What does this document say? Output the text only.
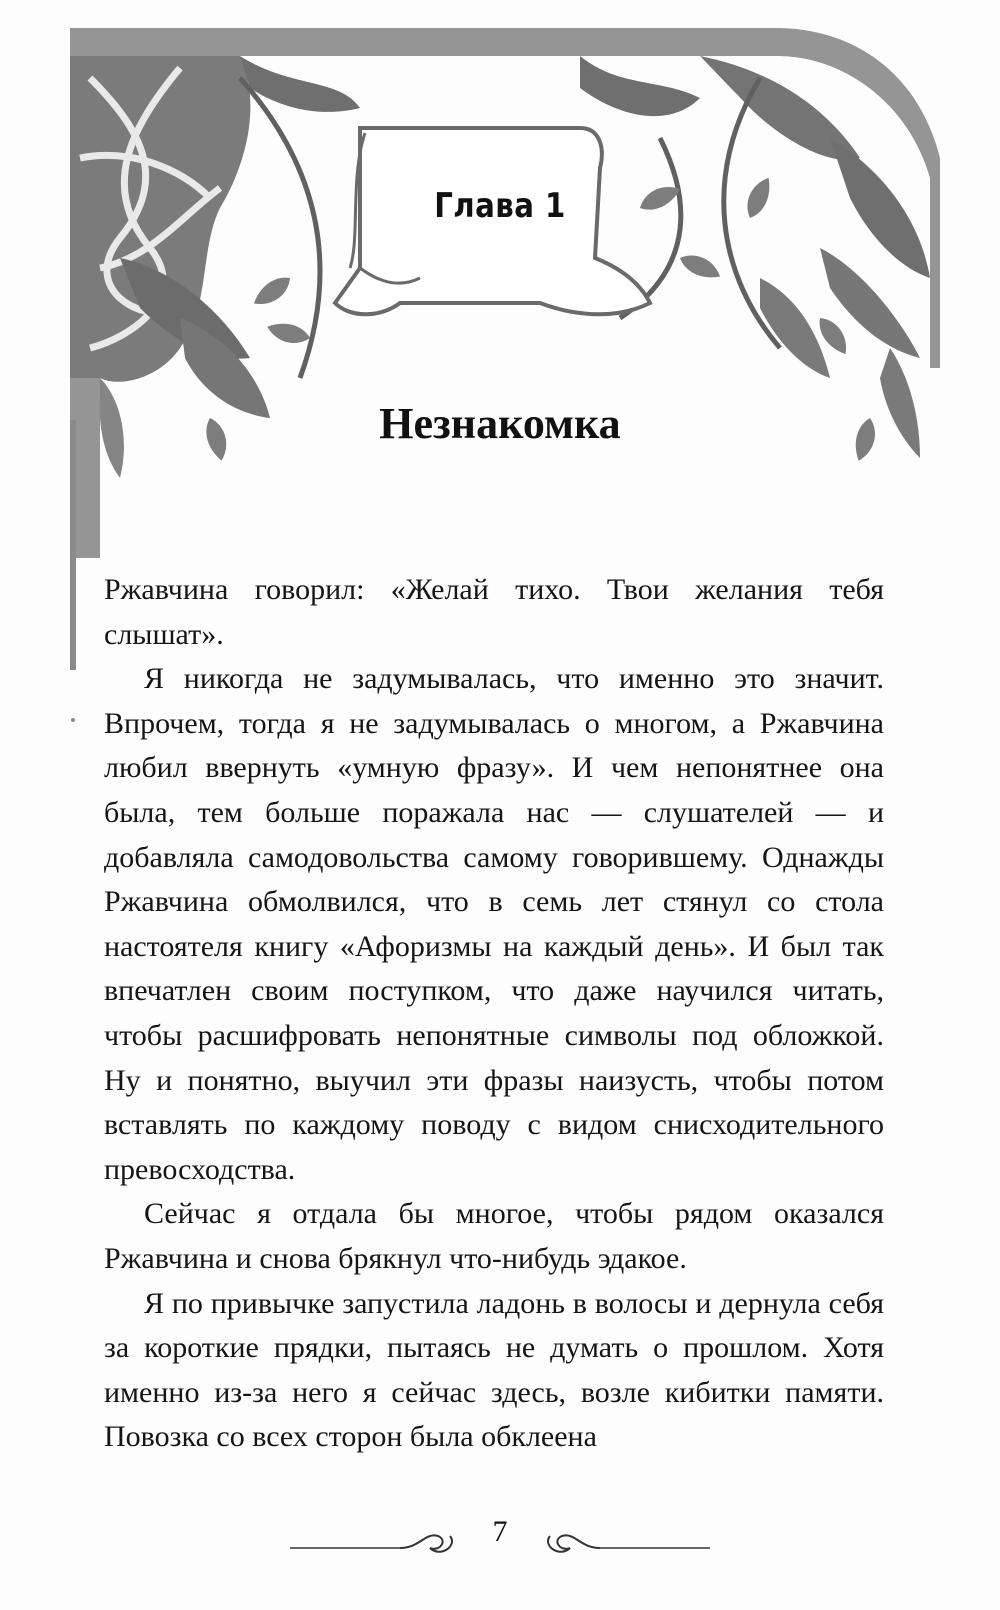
Глава 1
Незнакомка

Ржавчина говорил: «Желай тихо. Твои желания тебя слышат».

Я никогда не задумывалась, что именно это значит. Впрочем, тогда я не задумывалась о многом, а Ржавчина любил ввернуть «умную фразу». И чем непонятнее она была, тем больше поражала нас — слушателей — и добавляла самодовольства самому говорившему. Однажды Ржавчина обмолвился, что в семь лет стянул со стола настоятеля книгу «Афоризмы на каждый день». И был так впечатлен своим поступком, что даже научился читать, чтобы расшифровать непонятные символы под обложкой. Ну и понятно, выучил эти фразы наизусть, чтобы потом вставлять по каждому поводу с видом снисходительного превосходства.

Сейчас я отдала бы многое, чтобы рядом оказался Ржавчина и снова брякнул что-нибудь эдакое.

Я по привычке запустила ладонь в волосы и дернула себя за короткие прядки, пытаясь не думать о прошлом. Хотя именно из-за него я сейчас здесь, возле кибитки памяти. Повозка со всех сторон была обклеена

7
